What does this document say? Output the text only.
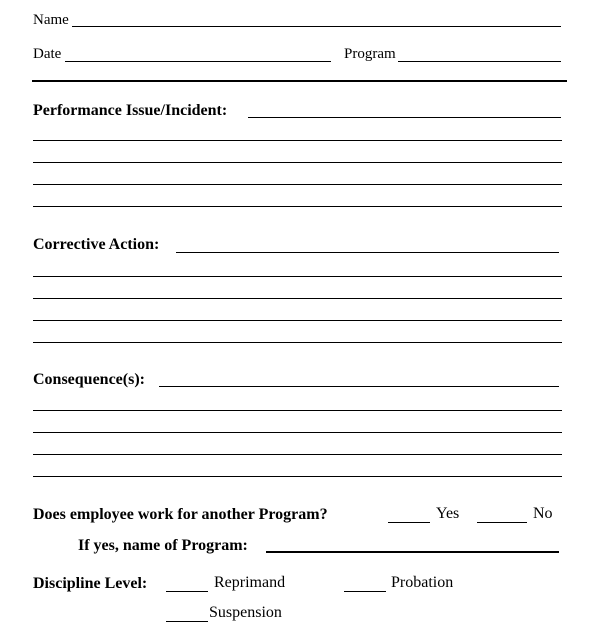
Name
Date	Program
Performance Issue/Incident:
Corrective Action:
Consequence(s):
Does employee work for another Program?	Yes	No
If yes, name of Program:
Discipline Level:	Reprimand	Probation
Suspension
